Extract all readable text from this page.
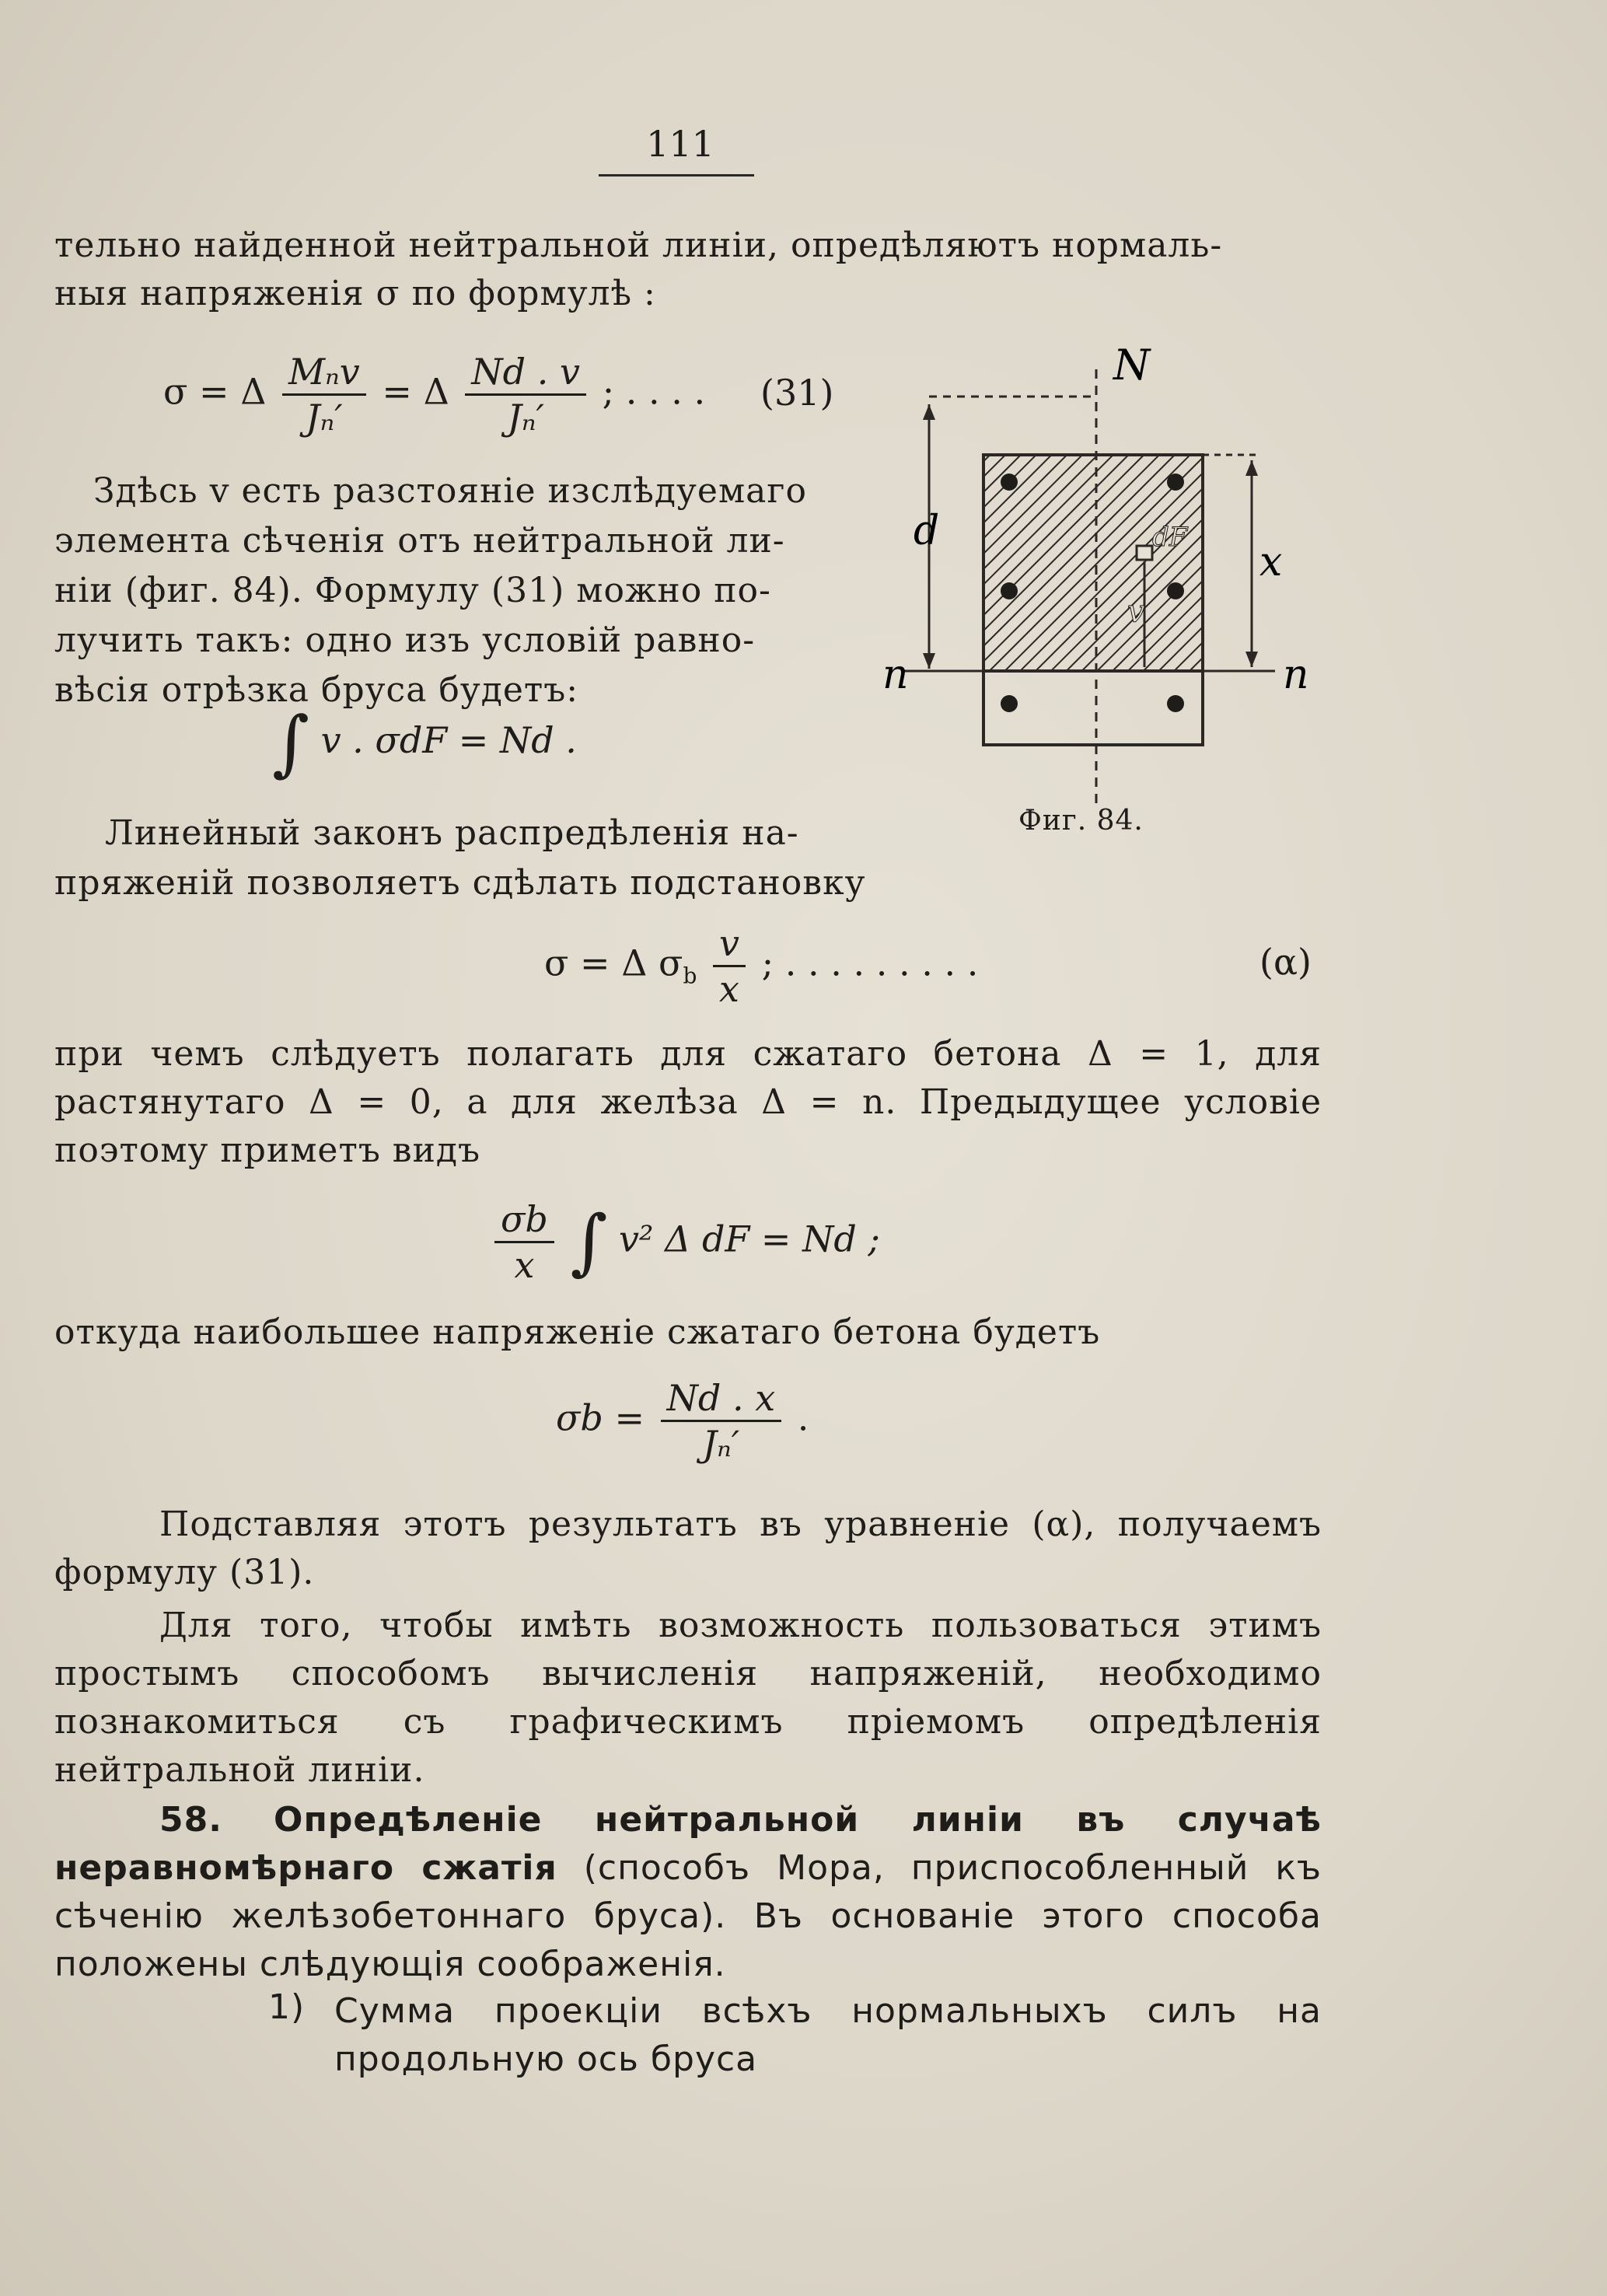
111
тельно найденной нейтральной линіи, опредѣляютъ нормаль-
ныя напряженія σ по формулѣ :
σ = Δ $\frac{\text{Mₙv}}{\text{Jₙ′}} = \Delta \frac{Nd . v}{\text{Jₙ′}}$ ; . . . . (31)
Здѣсь v есть разстояніе изслѣдуемаго
элемента сѣченія отъ нейтральной ли-
ніи (фиг. 84). Формулу (31) можно по-
лучить такъ: одно изъ условій равно-
вѣсія отрѣзка бруса будетъ:
∫ v . σdF = Nd .
N
d
x
n	n
dF
v
Фиг. 84.
Линейный законъ распредѣленія на-
пряженій позволяетъ сдѣлать подстановку
σ = Δ $\sigma_b \frac{v}{x}$ ; . . . . . . . . .	(α)
при чемъ слѣдуетъ полагать для сжатаго бетона Δ = 1, для растянутаго Δ = 0, а для желѣза Δ = n. Предыдущее условіе поэтому приметъ видъ
$\frac{\sigma b}{x}$ ∫ v² Δ dF = Nd ;
откуда наибольшее напряженіе сжатаго бетона будетъ
$\sigma b = \frac{Nd . x}{\text{Jₙ′}}$ .
Подставляя этотъ результатъ въ уравненіе (α), получаемъ формулу (31).
Для того, чтобы имѣть возможность пользоваться этимъ простымъ способомъ вычисленія напряженій, необходимо познакомиться съ графическимъ пріемомъ опредѣленія нейтральной линіи.
58. Опредѣленіе нейтральной линіи въ случаѣ неравномѣрнаго сжатія (способъ Мора, приспособленный къ сѣченію желѣзобетоннаго бруса). Въ основаніе этого способа положены слѣдующія соображенія.
1) Сумма проекціи всѣхъ нормальныхъ силъ на продольную ось бруса
